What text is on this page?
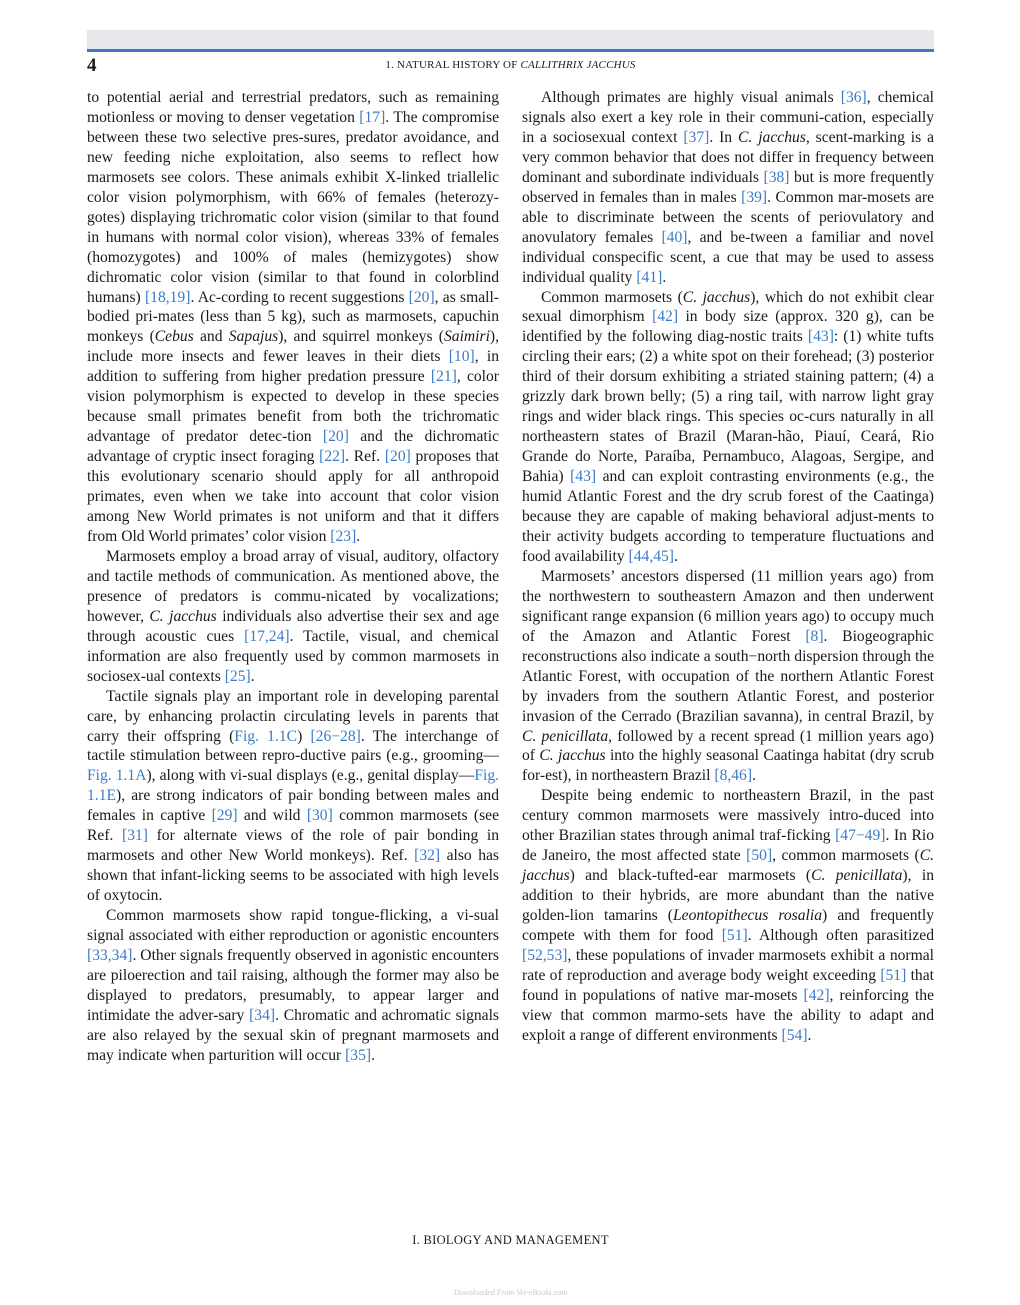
4	1. NATURAL HISTORY OF CALLITHRIX JACCHUS

to potential aerial and terrestrial predators, such as remaining motionless or moving to denser vegetation [17]. The compromise between these two selective pres-sures, predator avoidance, and new feeding niche exploitation, also seems to reflect how marmosets see colors. These animals exhibit X-linked triallelic color vision polymorphism, with 66% of females (heterozy-gotes) displaying trichromatic color vision (similar to that found in humans with normal color vision), whereas 33% of females (homozygotes) and 100% of males (hemizygotes) show dichromatic color vision (similar to that found in colorblind humans) [18,19]. Ac-cording to recent suggestions [20], as small-bodied pri-mates (less than 5 kg), such as marmosets, capuchin monkeys (Cebus and Sapajus), and squirrel monkeys (Saimiri), include more insects and fewer leaves in their diets [10], in addition to suffering from higher predation pressure [21], color vision polymorphism is expected to develop in these species because small primates benefit from both the trichromatic advantage of predator detec-tion [20] and the dichromatic advantage of cryptic insect foraging [22]. Ref. [20] proposes that this evolutionary scenario should apply for all anthropoid primates, even when we take into account that color vision among New World primates is not uniform and that it differs from Old World primates’ color vision [23].

Marmosets employ a broad array of visual, auditory, olfactory and tactile methods of communication. As mentioned above, the presence of predators is commu-nicated by vocalizations; however, C. jacchus individuals also advertise their sex and age through acoustic cues [17,24]. Tactile, visual, and chemical information are also frequently used by common marmosets in sociosex-ual contexts [25].

Tactile signals play an important role in developing parental care, by enhancing prolactin circulating levels in parents that carry their offspring (Fig. 1.1C) [26−28]. The interchange of tactile stimulation between repro-ductive pairs (e.g., grooming—Fig. 1.1A), along with vi-sual displays (e.g., genital display—Fig. 1.1E), are strong indicators of pair bonding between males and females in captive [29] and wild [30] common marmosets (see Ref. [31] for alternate views of the role of pair bonding in marmosets and other New World monkeys). Ref. [32] also has shown that infant-licking seems to be associated with high levels of oxytocin.

Common marmosets show rapid tongue-flicking, a vi-sual signal associated with either reproduction or agonistic encounters [33,34]. Other signals frequently observed in agonistic encounters are piloerection and tail raising, although the former may also be displayed to predators, presumably, to appear larger and intimidate the adver-sary [34]. Chromatic and achromatic signals are also relayed by the sexual skin of pregnant marmosets and may indicate when parturition will occur [35].

Although primates are highly visual animals [36], chemical signals also exert a key role in their communi-cation, especially in a sociosexual context [37]. In C. jacchus, scent-marking is a very common behavior that does not differ in frequency between dominant and subordinate individuals [38] but is more frequently observed in females than in males [39]. Common mar-mosets are able to discriminate between the scents of periovulatory and anovulatory females [40], and be-tween a familiar and novel individual conspecific scent, a cue that may be used to assess individual quality [41].

Common marmosets (C. jacchus), which do not exhibit clear sexual dimorphism [42] in body size (approx. 320 g), can be identified by the following diag-nostic traits [43]: (1) white tufts circling their ears; (2) a white spot on their forehead; (3) posterior third of their dorsum exhibiting a striated staining pattern; (4) a grizzly dark brown belly; (5) a ring tail, with narrow light gray rings and wider black rings. This species oc-curs naturally in all northeastern states of Brazil (Maran-hão, Piauí, Ceará, Rio Grande do Norte, Paraíba, Pernambuco, Alagoas, Sergipe, and Bahia) [43] and can exploit contrasting environments (e.g., the humid Atlantic Forest and the dry scrub forest of the Caatinga) because they are capable of making behavioral adjust-ments to their activity budgets according to temperature fluctuations and food availability [44,45].

Marmosets’ ancestors dispersed (11 million years ago) from the northwestern to southeastern Amazon and then underwent significant range expansion (6 million years ago) to occupy much of the Amazon and Atlantic Forest [8]. Biogeographic reconstructions also indicate a south−north dispersion through the Atlantic Forest, with occupation of the northern Atlantic Forest by invaders from the southern Atlantic Forest, and posterior invasion of the Cerrado (Brazilian savanna), in central Brazil, by C. penicillata, followed by a recent spread (1 million years ago) of C. jacchus into the highly seasonal Caatinga habitat (dry scrub for-est), in northeastern Brazil [8,46].

Despite being endemic to northeastern Brazil, in the past century common marmosets were massively intro-duced into other Brazilian states through animal traf-ficking [47−49]. In Rio de Janeiro, the most affected state [50], common marmosets (C. jacchus) and black-tufted-ear marmosets (C. penicillata), in addition to their hybrids, are more abundant than the native golden-lion tamarins (Leontopithecus rosalia) and frequently compete with them for food [51]. Although often parasitized [52,53], these populations of invader marmosets exhibit a normal rate of reproduction and average body weight exceeding [51] that found in populations of native mar-mosets [42], reinforcing the view that common marmo-sets have the ability to adapt and exploit a range of different environments [54].

I. BIOLOGY AND MANAGEMENT
Downloaded From Vet-eBooks.com
